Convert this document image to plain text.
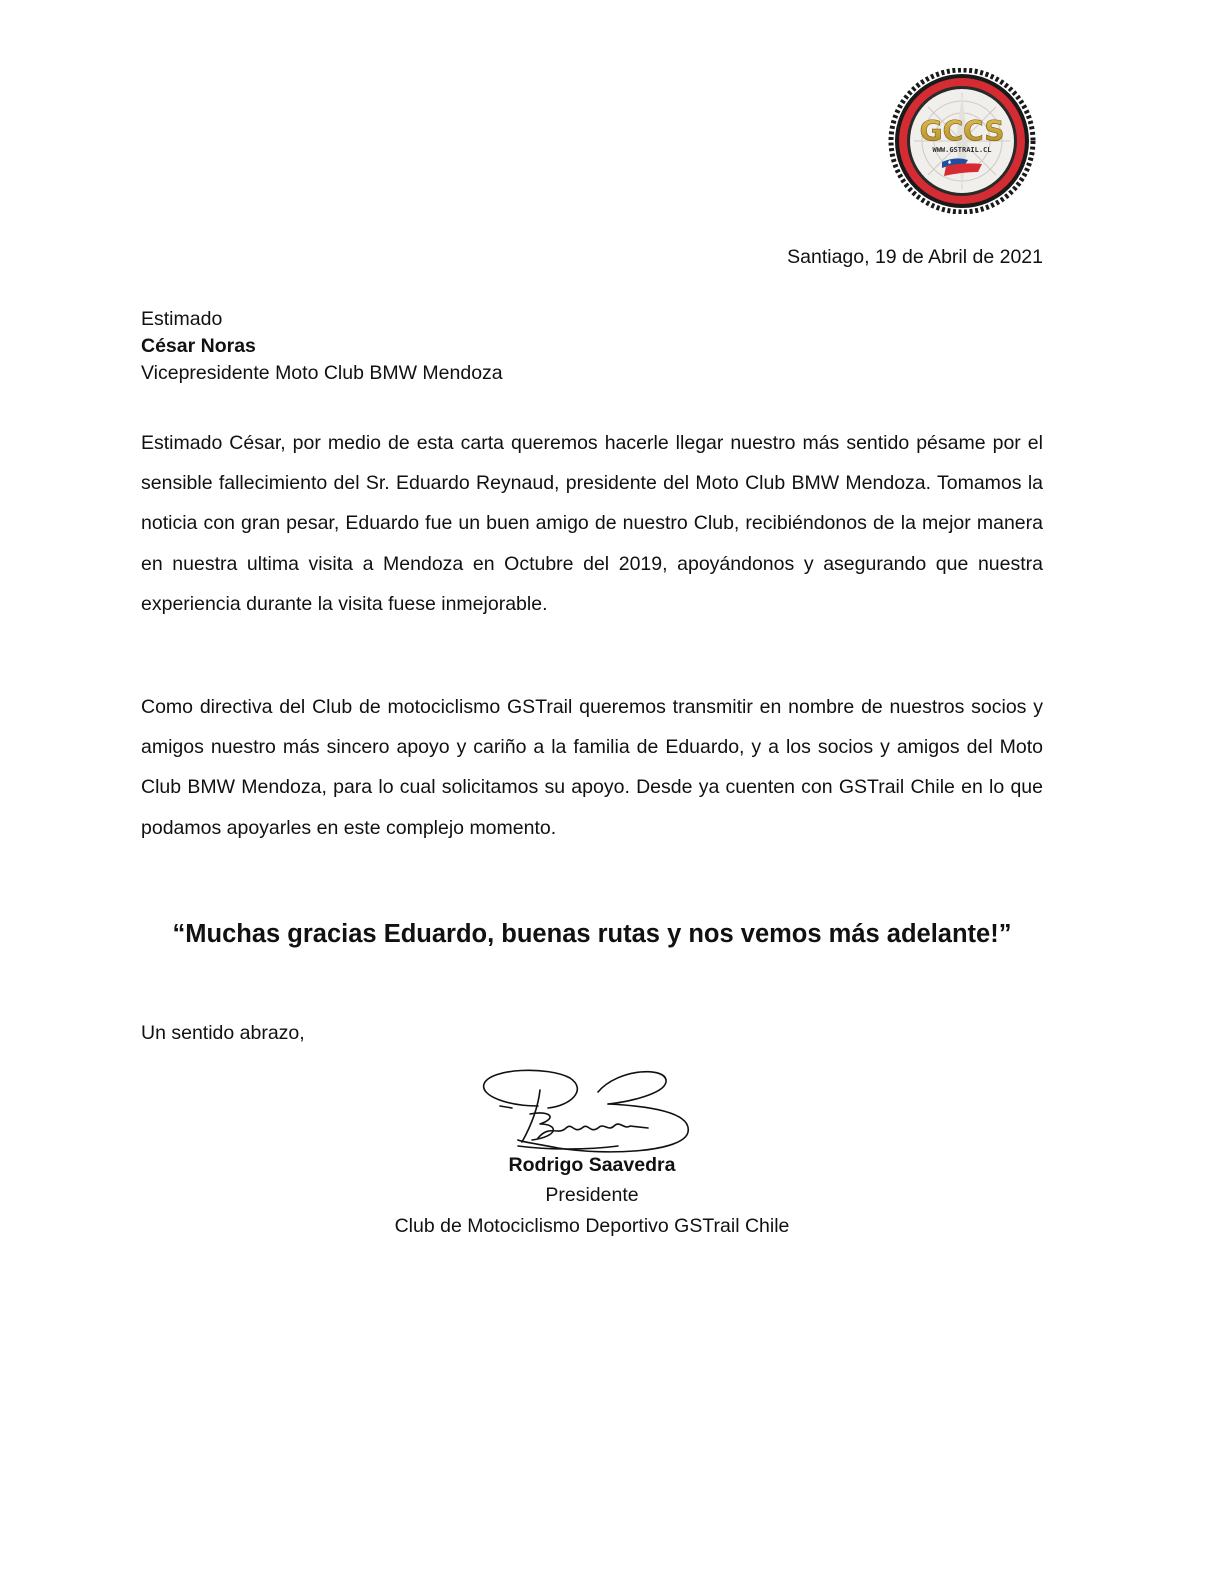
GCCS
WWW.GSTRAIL.CL
Santiago, 19 de Abril de 2021
Estimado
César Noras
Vicepresidente Moto Club BMW Mendoza

Estimado César, por medio de esta carta queremos hacerle llegar nuestro más sentido pésame por el sensible fallecimiento del Sr. Eduardo Reynaud, presidente del Moto Club BMW Mendoza. Tomamos la noticia con gran pesar, Eduardo fue un buen amigo de nuestro Club, recibiéndonos de la mejor manera en nuestra ultima visita a Mendoza en Octubre del 2019, apoyándonos y asegurando que nuestra experiencia durante la visita fuese inmejorable.

Como directiva del Club de motociclismo GSTrail queremos transmitir en nombre de nuestros socios y amigos nuestro más sincero apoyo y cariño a la familia de Eduardo, y a los socios y amigos del Moto Club BMW Mendoza, para lo cual solicitamos su apoyo. Desde ya cuenten con GSTrail Chile en lo que podamos apoyarles en este complejo momento.

“Muchas gracias Eduardo, buenas rutas y nos vemos más adelante!”
Un sentido abrazo,
Rodrigo Saavedra
Presidente
Club de Motociclismo Deportivo GSTrail Chile
